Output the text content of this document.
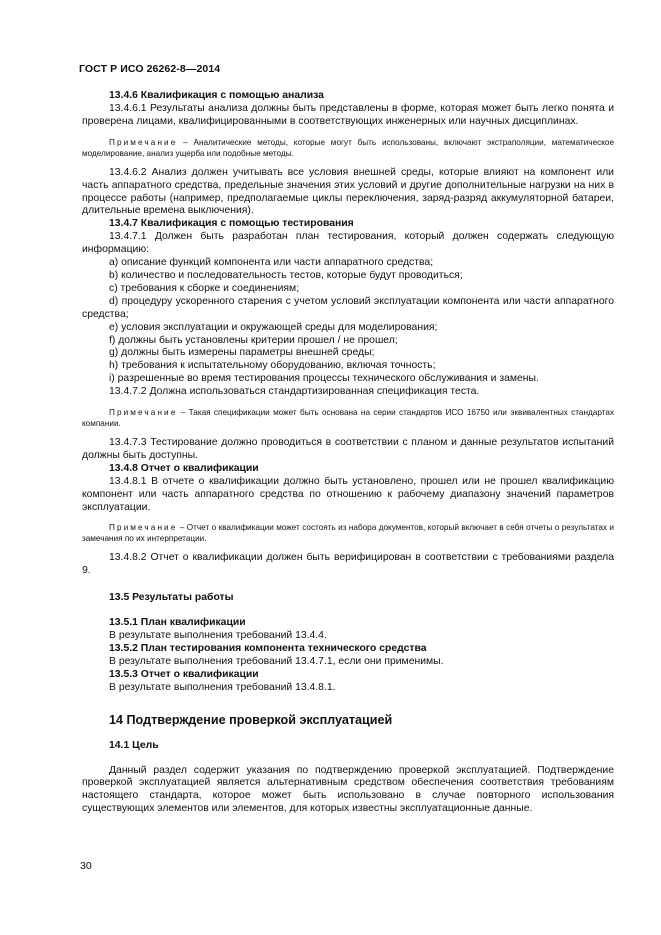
ГОСТ Р ИСО 26262-8—2014

13.4.6 Квалификация с помощью анализа

13.4.6.1 Результаты анализа должны быть представлены в форме, которая может быть легко понята и проверена лицами, квалифицированными в соответствующих инженерных или научных дисциплинах.

Примечание – Аналитические методы, которые могут быть использованы, включают экстраполяции, математическое моделирование, анализ ущерба или подобные методы.

13.4.6.2 Анализ должен учитывать все условия внешней среды, которые влияют на компонент или часть аппаратного средства, предельные значения этих условий и другие дополнительные нагрузки на них в процессе работы (например, предполагаемые циклы переключения, заряд-разряд аккумуляторной батареи, длительные времена выключения).

13.4.7 Квалификация с помощью тестирования

13.4.7.1 Должен быть разработан план тестирования, который должен содержать следующую информацию:

a) описание функций компонента или части аппаратного средства;

b) количество и последовательность тестов, которые будут проводиться;

c) требования к сборке и соединениям;

d) процедуру ускоренного старения с учетом условий эксплуатации компонента или части аппаратного средства;

e) условия эксплуатации и окружающей среды для моделирования;

f) должны быть установлены критерии прошел / не прошел;

g) должны быть измерены параметры внешней среды;

h) требования к испытательному оборудованию, включая точность;

i) разрешенные во время тестирования процессы технического обслуживания и замены.

13.4.7.2 Должна использоваться стандартизированная спецификация теста.

Примечание – Такая спецификации может быть основана на серии стандартов ИСО 16750 или эквивалентных стандартах компании.

13.4.7.3 Тестирование должно проводиться в соответствии с планом и данные результатов испытаний должны быть доступны.

13.4.8 Отчет о квалификации

13.4.8.1 В отчете о квалификации должно быть установлено, прошел или не прошел квалификацию компонент или часть аппаратного средства по отношению к рабочему диапазону значений параметров эксплуатации.

Примечание – Отчет о квалификации может состоять из набора документов, который включает в себя отчеты о результатах и замечания по их интерпретации.

13.4.8.2 Отчет о квалификации должен быть верифицирован в соответствии с требованиями раздела 9.

13.5 Результаты работы

13.5.1 План квалификации

В результате выполнения требований 13.4.4.

13.5.2 План тестирования компонента технического средства

В результате выполнения требований 13.4.7.1, если они применимы.

13.5.3 Отчет о квалификации

В результате выполнения требований 13.4.8.1.

14 Подтверждение проверкой эксплуатацией

14.1 Цель

Данный раздел содержит указания по подтверждению проверкой эксплуатацией. Подтверждение проверкой эксплуатацией является альтернативным средством обеспечения соответствия требованиям настоящего стандарта, которое может быть использовано в случае повторного использования существующих элементов или элементов, для которых известны эксплуатационные данные.

30
